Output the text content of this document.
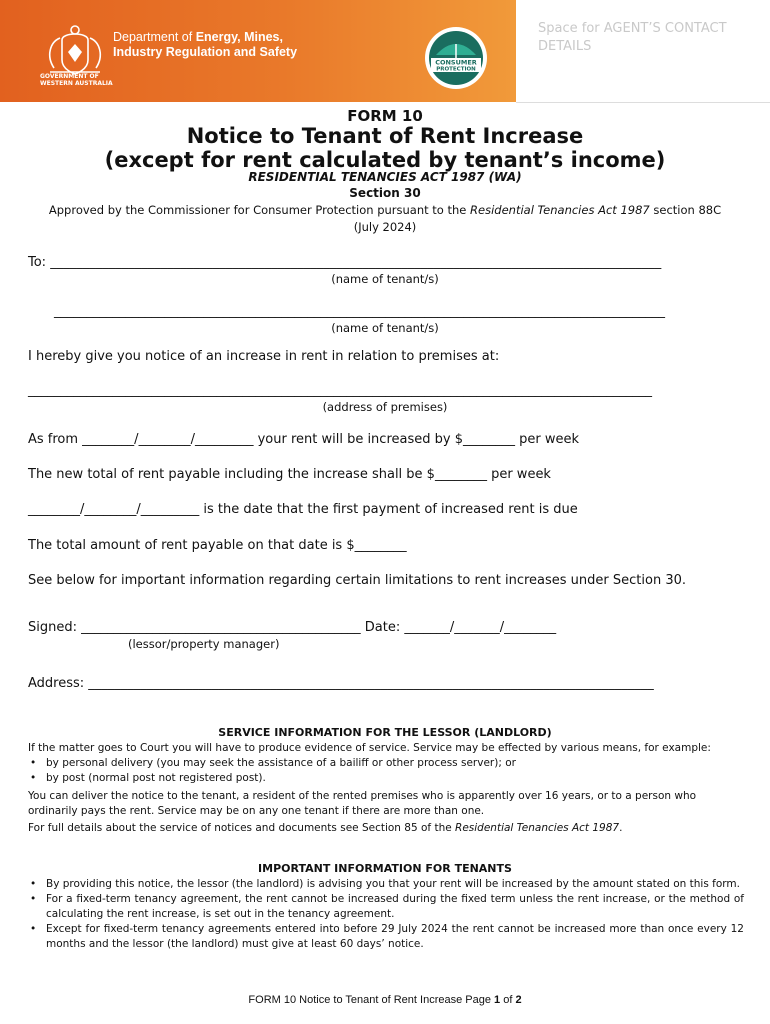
GOVERNMENT OF
WESTERN AUSTRALIA
Department of Energy, Mines,
Industry Regulation and Safety
CONSUMER
PROTECTION
Space for AGENT’S CONTACT DETAILS
FORM 10
Notice to Tenant of Rent Increase
(except for rent calculated by tenant’s income)
RESIDENTIAL TENANCIES ACT 1987 (WA)
Section 30
Approved by the Commissioner for Consumer Protection pursuant to the Residential Tenancies Act 1987 section 88C (July 2024)
To: ______________________________________________________________________________________________
(name of tenant/s)
______________________________________________________________________________________________
(name of tenant/s)
I hereby give you notice of an increase in rent in relation to premises at:
________________________________________________________________________________________________
(address of premises)
As from ________/________/_________ your rent will be increased by $________ per week
The new total of rent payable including the increase shall be $________ per week
________/________/_________ is the date that the first payment of increased rent is due
The total amount of rent payable on that date is $________
See below for important information regarding certain limitations to rent increases under Section 30.
Signed: ___________________________________________ Date: _______/_______/________
(lessor/property manager)
Address: _______________________________________________________________________________________
SERVICE INFORMATION FOR THE LESSOR (LANDLORD)
If the matter goes to Court you will have to produce evidence of service. Service may be effected by various means, for example:
• by personal delivery (you may seek the assistance of a bailiff or other process server); or
• by post (normal post not registered post).
You can deliver the notice to the tenant, a resident of the rented premises who is apparently over 16 years, or to a person who ordinarily pays the rent. Service may be on any one tenant if there are more than one.
For full details about the service of notices and documents see Section 85 of the Residential Tenancies Act 1987.
IMPORTANT INFORMATION FOR TENANTS
• By providing this notice, the lessor (the landlord) is advising you that your rent will be increased by the amount stated on this form.
• For a fixed-term tenancy agreement, the rent cannot be increased during the fixed term unless the rent increase, or the method of calculating the rent increase, is set out in the tenancy agreement.
• Except for fixed-term tenancy agreements entered into before 29 July 2024 the rent cannot be increased more than once every 12 months and the lessor (the landlord) must give at least 60 days’ notice.
FORM 10 Notice to Tenant of Rent Increase Page 1 of 2
